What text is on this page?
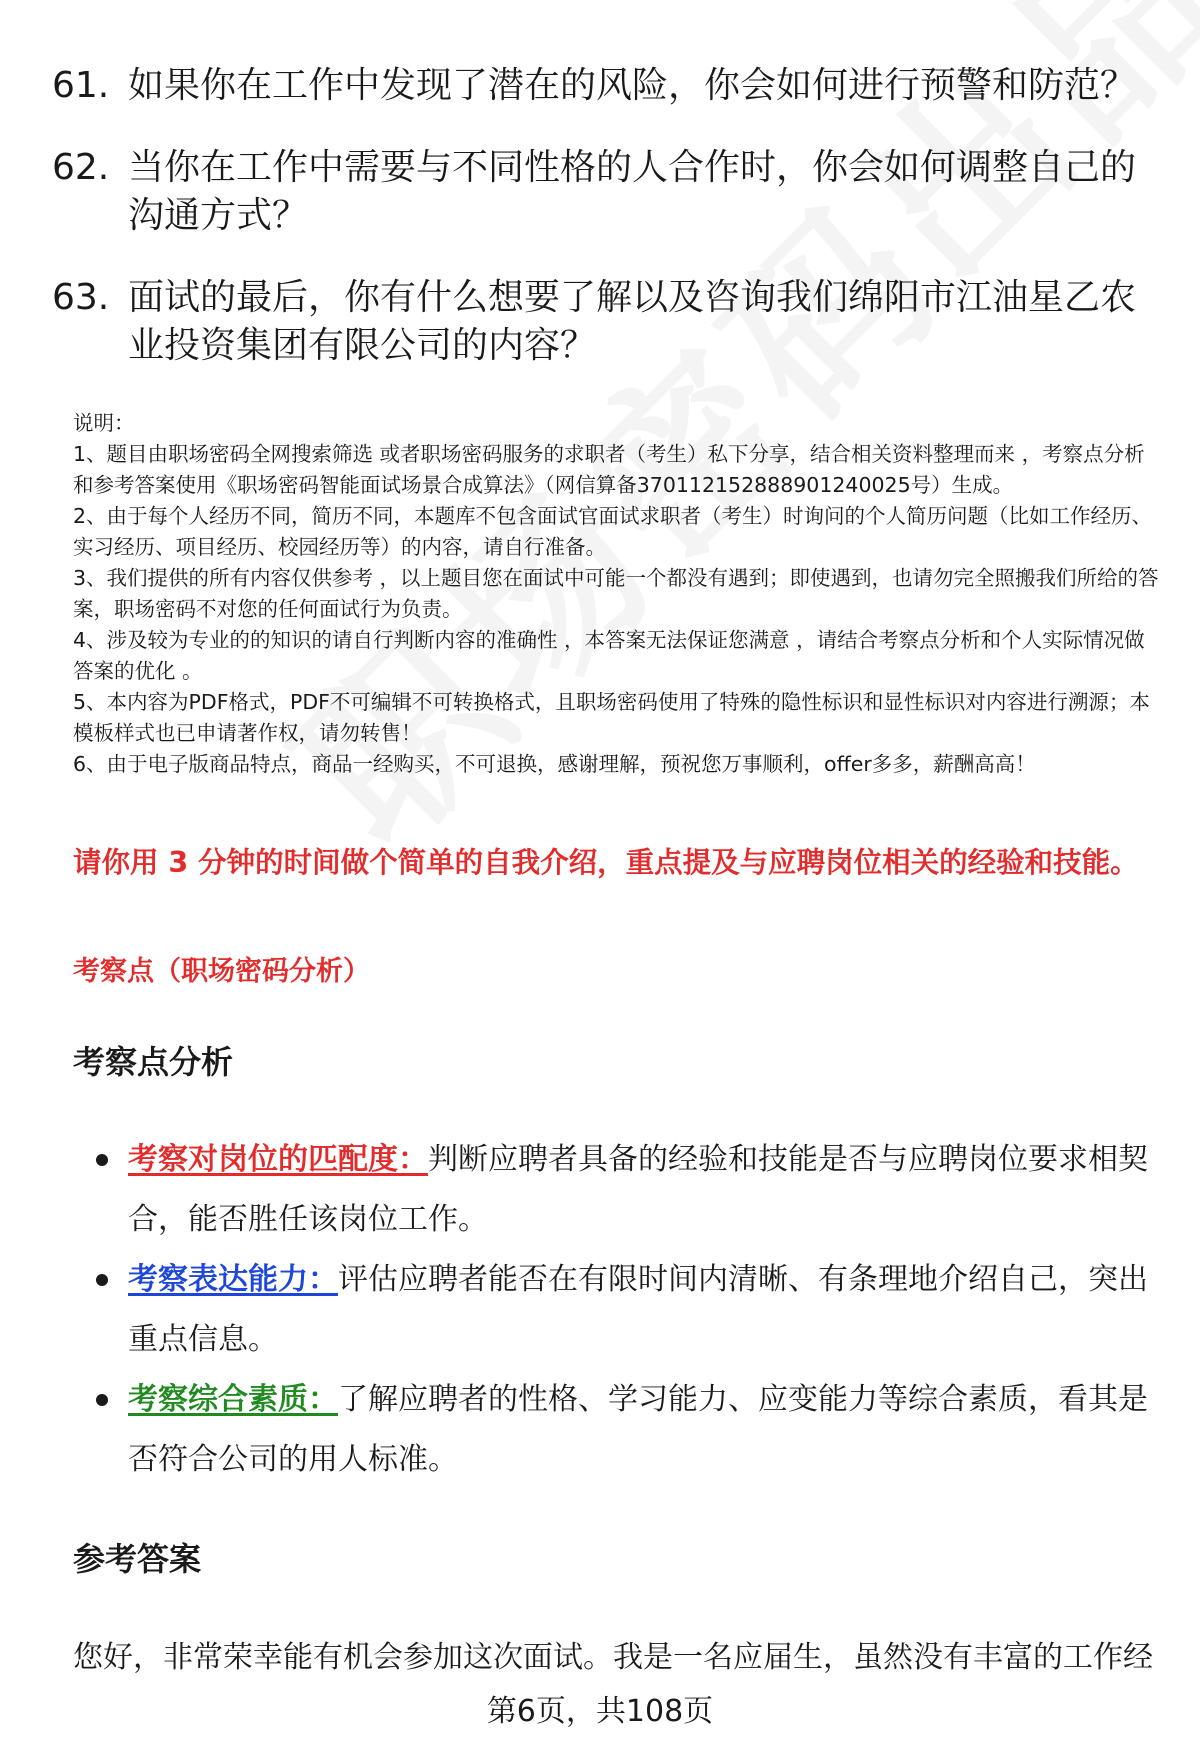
61. 如果你在工作中发现了潜在的风险，你会如何进行预警和防范？
62. 当你在工作中需要与不同性格的人合作时，你会如何调整自己的沟通方式？
63. 面试的最后，你有什么想要了解以及咨询我们绵阳市江油星乙农业投资集团有限公司的内容？

说明：

1、题目由职场密码全网搜索筛选 或者职场密码服务的求职者（考生）私下分享，结合相关资料整理而来 ，考察点分析和参考答案使用《职场密码智能面试场景合成算法》（网信算备370112152888901240025号）生成。

2、由于每个人经历不同，简历不同，本题库不包含面试官面试求职者（考生）时询问的个人简历问题（比如工作经历、实习经历、项目经历、校园经历等）的内容，请自行准备。

3、我们提供的所有内容仅供参考 ，以上题目您在面试中可能一个都没有遇到；即使遇到，也请勿完全照搬我们所给的答案，职场密码不对您的任何面试行为负责。

4、涉及较为专业的的知识的请自行判断内容的准确性 ，本答案无法保证您满意 ，请结合考察点分析和个人实际情况做答案的优化 。

5、本内容为PDF格式，PDF不可编辑不可转换格式，且职场密码使用了特殊的隐性标识和显性标识对内容进行溯源；本模板样式也已申请著作权，请勿转售！

6、由于电子版商品特点，商品一经购买，不可退换，感谢理解，预祝您万事顺利，offer多多，薪酬高高！

请你用 3 分钟的时间做个简单的自我介绍，重点提及与应聘岗位相关的经验和技能。
考察点（职场密码分析）
考察点分析
考察对岗位的匹配度：判断应聘者具备的经验和技能是否与应聘岗位要求相契合，能否胜任该岗位工作。
考察表达能力：评估应聘者能否在有限时间内清晰、有条理地介绍自己，突出重点信息。
考察综合素质：了解应聘者的性格、学习能力、应变能力等综合素质，看其是否符合公司的用人标准。
参考答案
您好，非常荣幸能有机会参加这次面试。我是一名应届生，虽然没有丰富的工作经
第6页，共108页
